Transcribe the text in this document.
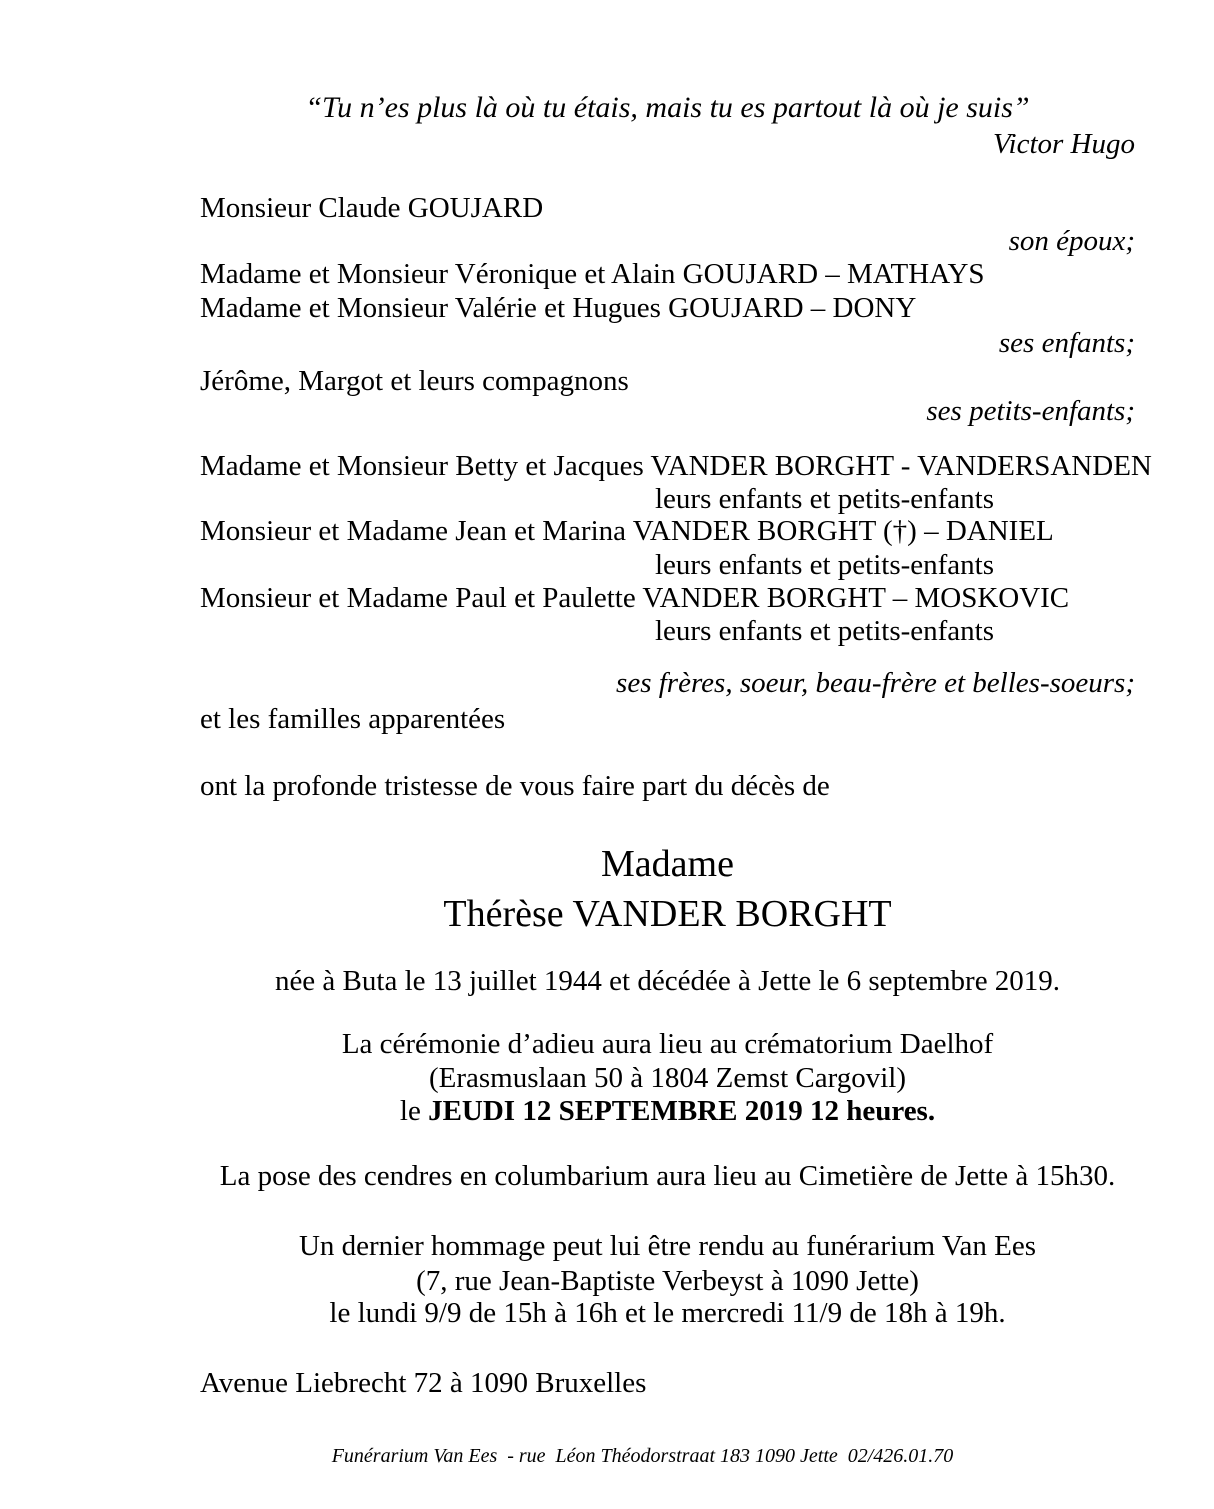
“Tu n’es plus là où tu étais, mais tu es partout là où je suis”
Victor Hugo
Monsieur Claude GOUJARD
son époux;
Madame et Monsieur Véronique et Alain GOUJARD – MATHAYS
Madame et Monsieur Valérie et Hugues GOUJARD – DONY
ses enfants;
Jérôme, Margot et leurs compagnons
ses petits-enfants;
Madame et Monsieur Betty et Jacques VANDER BORGHT - VANDERSANDEN
leurs enfants et petits-enfants
Monsieur et Madame Jean et Marina VANDER BORGHT (†) – DANIEL
leurs enfants et petits-enfants
Monsieur et Madame Paul et Paulette VANDER BORGHT – MOSKOVIC
leurs enfants et petits-enfants
ses frères, soeur, beau-frère et belles-soeurs;
et les familles apparentées
ont la profonde tristesse de vous faire part du décès de
Madame
Thérèse VANDER BORGHT
née à Buta le 13 juillet 1944 et décédée à Jette le 6 septembre 2019.
La cérémonie d’adieu aura lieu au crématorium Daelhof
(Erasmuslaan 50 à 1804 Zemst Cargovil)
le JEUDI 12 SEPTEMBRE 2019 12 heures.
La pose des cendres en columbarium aura lieu au Cimetière de Jette à 15h30.
Un dernier hommage peut lui être rendu au funérarium Van Ees
(7, rue Jean-Baptiste Verbeyst à 1090 Jette)
le lundi 9/9 de 15h à 16h et le mercredi 11/9 de 18h à 19h.
Avenue Liebrecht 72 à 1090 Bruxelles
Funérarium Van Ees  - rue  Léon Théodorstraat 183 1090 Jette  02/426.01.70
